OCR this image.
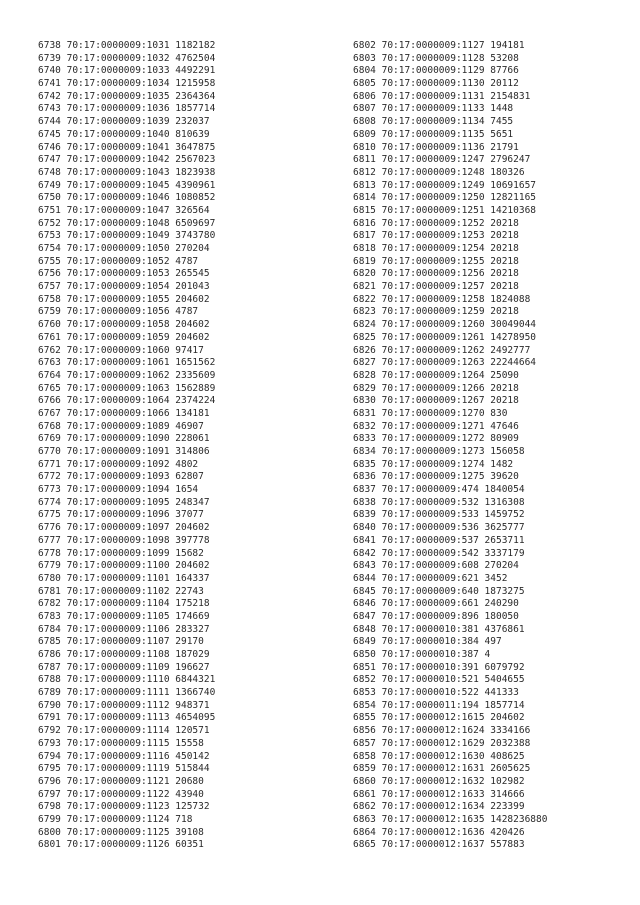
6738 70:17:0000009:1031 1182182
6739 70:17:0000009:1032 4762504
6740 70:17:0000009:1033 4492291
6741 70:17:0000009:1034 1215958
6742 70:17:0000009:1035 2364364
6743 70:17:0000009:1036 1857714
6744 70:17:0000009:1039 232037
6745 70:17:0000009:1040 810639
6746 70:17:0000009:1041 3647875
6747 70:17:0000009:1042 2567023
6748 70:17:0000009:1043 1823938
6749 70:17:0000009:1045 4390961
6750 70:17:0000009:1046 1080852
6751 70:17:0000009:1047 326564
6752 70:17:0000009:1048 6509697
6753 70:17:0000009:1049 3743780
6754 70:17:0000009:1050 270204
6755 70:17:0000009:1052 4787
6756 70:17:0000009:1053 265545
6757 70:17:0000009:1054 201043
6758 70:17:0000009:1055 204602
6759 70:17:0000009:1056 4787
6760 70:17:0000009:1058 204602
6761 70:17:0000009:1059 204602
6762 70:17:0000009:1060 97417
6763 70:17:0000009:1061 1651562
6764 70:17:0000009:1062 2335609
6765 70:17:0000009:1063 1562889
6766 70:17:0000009:1064 2374224
6767 70:17:0000009:1066 134181
6768 70:17:0000009:1089 46907
6769 70:17:0000009:1090 228061
6770 70:17:0000009:1091 314806
6771 70:17:0000009:1092 4802
6772 70:17:0000009:1093 62807
6773 70:17:0000009:1094 1654
6774 70:17:0000009:1095 248347
6775 70:17:0000009:1096 37077
6776 70:17:0000009:1097 204602
6777 70:17:0000009:1098 397778
6778 70:17:0000009:1099 15682
6779 70:17:0000009:1100 204602
6780 70:17:0000009:1101 164337
6781 70:17:0000009:1102 22743
6782 70:17:0000009:1104 175218
6783 70:17:0000009:1105 174669
6784 70:17:0000009:1106 283327
6785 70:17:0000009:1107 29170
6786 70:17:0000009:1108 187029
6787 70:17:0000009:1109 196627
6788 70:17:0000009:1110 6844321
6789 70:17:0000009:1111 1366740
6790 70:17:0000009:1112 948371
6791 70:17:0000009:1113 4654095
6792 70:17:0000009:1114 120571
6793 70:17:0000009:1115 15558
6794 70:17:0000009:1116 450142
6795 70:17:0000009:1119 515844
6796 70:17:0000009:1121 20680
6797 70:17:0000009:1122 43940
6798 70:17:0000009:1123 125732
6799 70:17:0000009:1124 718
6800 70:17:0000009:1125 39108
6801 70:17:0000009:1126 60351
6802 70:17:0000009:1127 194181
6803 70:17:0000009:1128 53208
6804 70:17:0000009:1129 87766
6805 70:17:0000009:1130 20112
6806 70:17:0000009:1131 2154831
6807 70:17:0000009:1133 1448
6808 70:17:0000009:1134 7455
6809 70:17:0000009:1135 5651
6810 70:17:0000009:1136 21791
6811 70:17:0000009:1247 2796247
6812 70:17:0000009:1248 180326
6813 70:17:0000009:1249 10691657
6814 70:17:0000009:1250 12821165
6815 70:17:0000009:1251 14210368
6816 70:17:0000009:1252 20218
6817 70:17:0000009:1253 20218
6818 70:17:0000009:1254 20218
6819 70:17:0000009:1255 20218
6820 70:17:0000009:1256 20218
6821 70:17:0000009:1257 20218
6822 70:17:0000009:1258 1824088
6823 70:17:0000009:1259 20218
6824 70:17:0000009:1260 30049044
6825 70:17:0000009:1261 14278950
6826 70:17:0000009:1262 2492777
6827 70:17:0000009:1263 22244664
6828 70:17:0000009:1264 25090
6829 70:17:0000009:1266 20218
6830 70:17:0000009:1267 20218
6831 70:17:0000009:1270 830
6832 70:17:0000009:1271 47646
6833 70:17:0000009:1272 80909
6834 70:17:0000009:1273 156058
6835 70:17:0000009:1274 1482
6836 70:17:0000009:1275 39620
6837 70:17:0000009:474 1840054
6838 70:17:0000009:532 1316308
6839 70:17:0000009:533 1459752
6840 70:17:0000009:536 3625777
6841 70:17:0000009:537 2653711
6842 70:17:0000009:542 3337179
6843 70:17:0000009:608 270204
6844 70:17:0000009:621 3452
6845 70:17:0000009:640 1873275
6846 70:17:0000009:661 240290
6847 70:17:0000009:896 180050
6848 70:17:0000010:381 4376861
6849 70:17:0000010:384 497
6850 70:17:0000010:387 4
6851 70:17:0000010:391 6079792
6852 70:17:0000010:521 5404655
6853 70:17:0000010:522 441333
6854 70:17:0000011:194 1857714
6855 70:17:0000012:1615 204602
6856 70:17:0000012:1624 3334166
6857 70:17:0000012:1629 2032388
6858 70:17:0000012:1630 408625
6859 70:17:0000012:1631 2605625
6860 70:17:0000012:1632 102982
6861 70:17:0000012:1633 314666
6862 70:17:0000012:1634 223399
6863 70:17:0000012:1635 1428236880
6864 70:17:0000012:1636 420426
6865 70:17:0000012:1637 557883
